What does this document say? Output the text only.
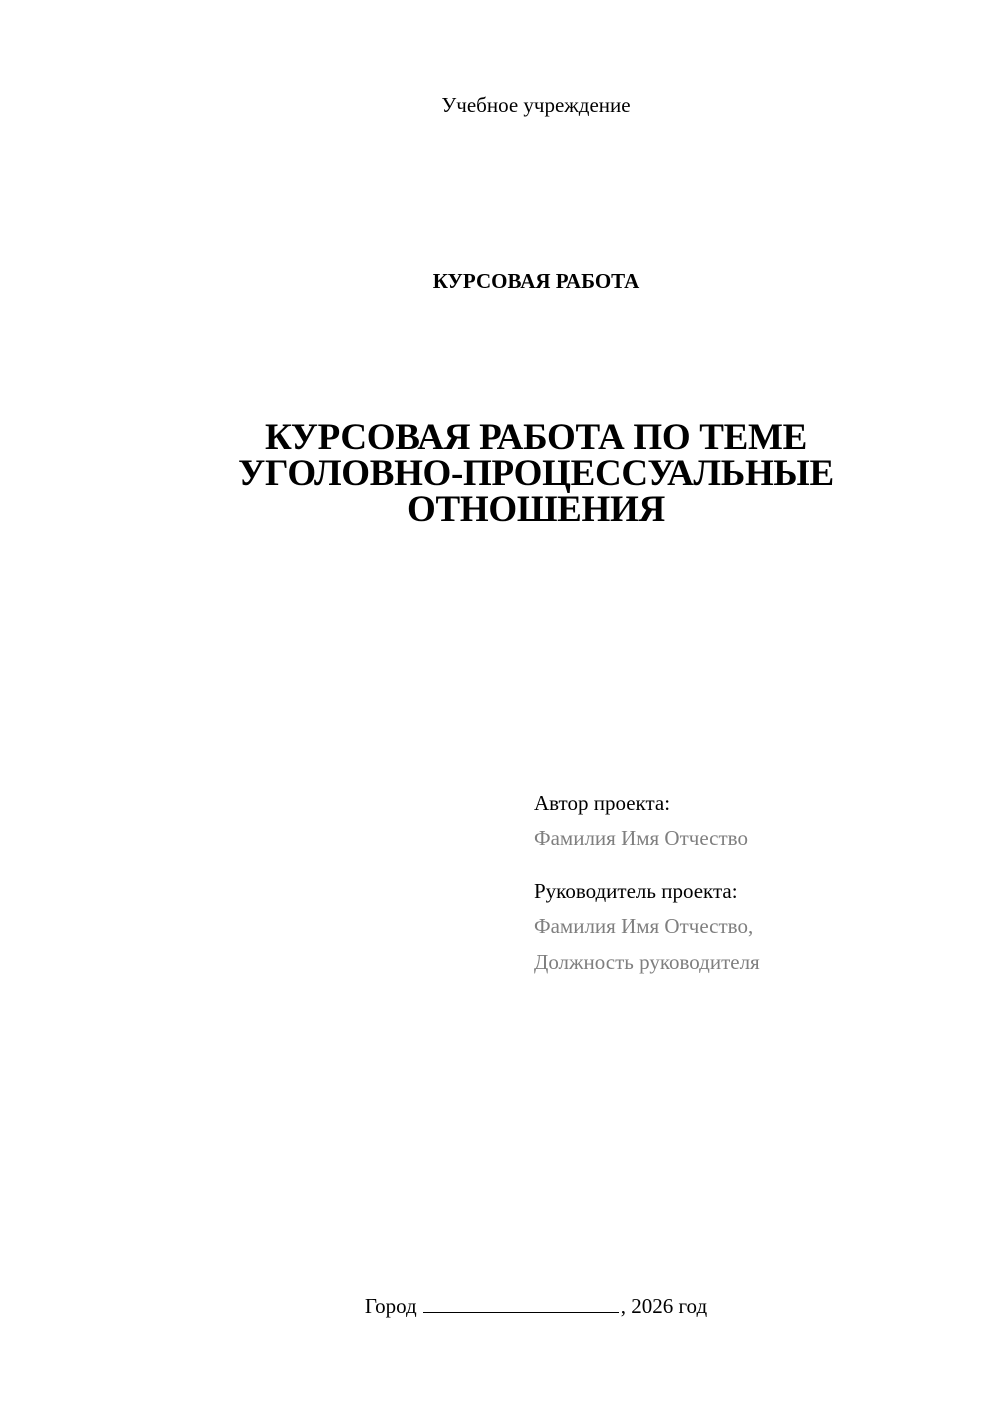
Учебное учреждение
КУРСОВАЯ РАБОТА
КУРСОВАЯ РАБОТА ПО ТЕМЕ
УГОЛОВНО-ПРОЦЕССУАЛЬНЫЕ
ОТНОШЕНИЯ
Автор проекта:
Фамилия Имя Отчество
Руководитель проекта:
Фамилия Имя Отчество,
Должность руководителя
Город	, 2026 год
